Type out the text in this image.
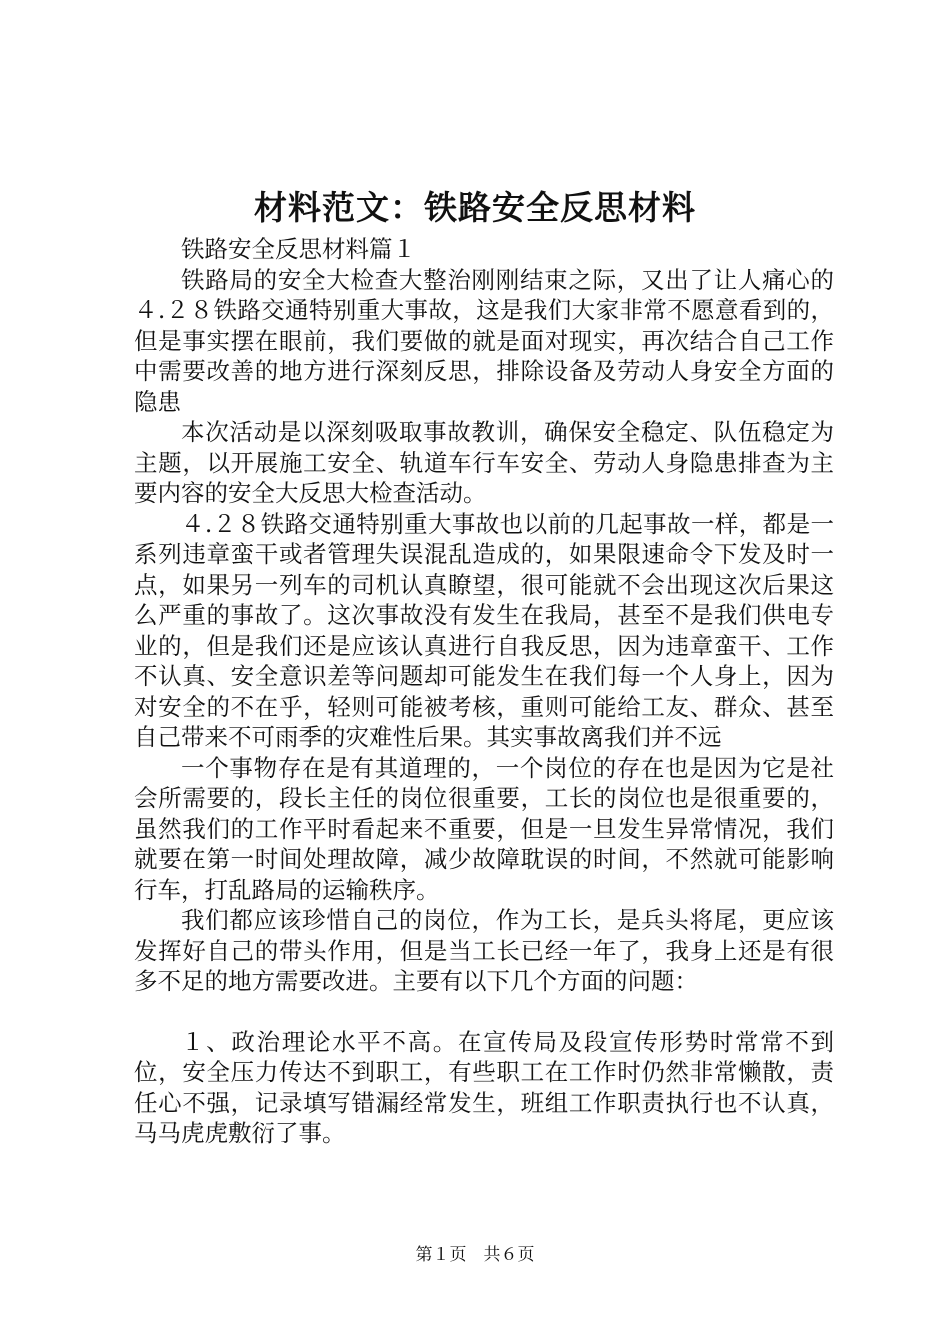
材料范文：铁路安全反思材料

铁路安全反思材料篇１

铁路局的安全大检查大整治刚刚结束之际，又出了让人痛心的４.２８铁路交通特别重大事故，这是我们大家非常不愿意看到的，但是事实摆在眼前，我们要做的就是面对现实，再次结合自己工作中需要改善的地方进行深刻反思，排除设备及劳动人身安全方面的隐患

本次活动是以深刻吸取事故教训，确保安全稳定、队伍稳定为主题，以开展施工安全、轨道车行车安全、劳动人身隐患排查为主要内容的安全大反思大检查活动。

４.２８铁路交通特别重大事故也以前的几起事故一样，都是一系列违章蛮干或者管理失误混乱造成的，如果限速命令下发及时一点，如果另一列车的司机认真瞭望，很可能就不会出现这次后果这么严重的事故了。这次事故没有发生在我局，甚至不是我们供电专业的，但是我们还是应该认真进行自我反思，因为违章蛮干、工作不认真、安全意识差等问题却可能发生在我们每一个人身上，因为对安全的不在乎，轻则可能被考核，重则可能给工友、群众、甚至自己带来不可雨季的灾难性后果。其实事故离我们并不远

一个事物存在是有其道理的，一个岗位的存在也是因为它是社会所需要的，段长主任的岗位很重要，工长的岗位也是很重要的，虽然我们的工作平时看起来不重要，但是一旦发生异常情况，我们就要在第一时间处理故障，减少故障耽误的时间，不然就可能影响行车，打乱路局的运输秩序。

我们都应该珍惜自己的岗位，作为工长，是兵头将尾，更应该发挥好自己的带头作用，但是当工长已经一年了，我身上还是有很多不足的地方需要改进。主要有以下几个方面的问题：

１、政治理论水平不高。在宣传局及段宣传形势时常常不到位，安全压力传达不到职工，有些职工在工作时仍然非常懒散，责任心不强，记录填写错漏经常发生，班组工作职责执行也不认真，马马虎虎敷衍了事。

第１页　共６页
